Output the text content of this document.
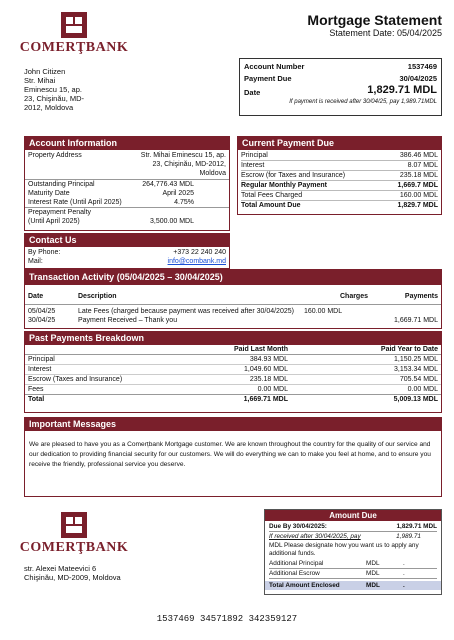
COMERŢBANK
Mortgage Statement
Statement Date: 05/04/2025
John Citizen
Str. Mihai
Eminescu 15, ap.
23, Chişinău, MD-
2012, Moldova
Account Number	1537469
Payment Due	30/04/2025
Date	1,829.71 MDL
If payment is received after 30/04/25, pay 1,989.71MDL
Account Information
Property Address	Str. Mihai Eminescu 15, ap.
23, Chişinău, MD-2012,
Moldova
Outstanding Principal	264,776.43 MDL
Maturity Date	April 2025
Interest Rate (Until April 2025)	4.75%
Prepayment Penalty
(Until April 2025)	3,500.00 MDL
Contact Us
By Phone:	+373 22 240 240
Mail:	info@combank.md
Current Payment Due
Principal	386.46 MDL
Interest	8.07 MDL
Escrow (for Taxes and Insurance)	235.18 MDL
Regular Monthly Payment	1,669.7 MDL
Total Fees Charged	160.00 MDL
Total Amount Due	1,829.7 MDL
Transaction Activity (05/04/2025 – 30/04/2025)
Date	Description	Charges	Payments
05/04/25	Late Fees (charged because payment was received after 30/04/2025)	160.00 MDL	
30/04/25	Payment Received – Thank you		1,669.71 MDL
Past Payments Breakdown
	Paid Last Month	Paid Year to Date
Principal	384.93 MDL	1,150.25 MDL
Interest	1,049.60 MDL	3,153.34 MDL
Escrow (Taxes and Insurance)	235.18 MDL	705.54 MDL
Fees	0.00 MDL	0.00 MDL
Total	1,669.71 MDL	5,009.13 MDL
Important Messages
We are pleased to have you as a Comerțbank Mortgage customer. We are known throughout the country for the quality of our service and our dedication to providing financial security for our customers. We will do everything we can to make you feel at home, and to ensure you receive the friendly, professional service you deserve.
COMERŢBANK
str. Alexei Mateevici 6
Chişinău, MD-2009, Moldova
Amount Due
Due By 30/04/2025:	1,829.71 MDL
If received after 30/04/2025, pay	1,989.71
MDL Please designate how you want us to apply any additional funds.
Additional Principal	MDL	.
Additional Escrow	MDL	.
Total Amount Enclosed	MDL	.
1537469 34571892 342359127
